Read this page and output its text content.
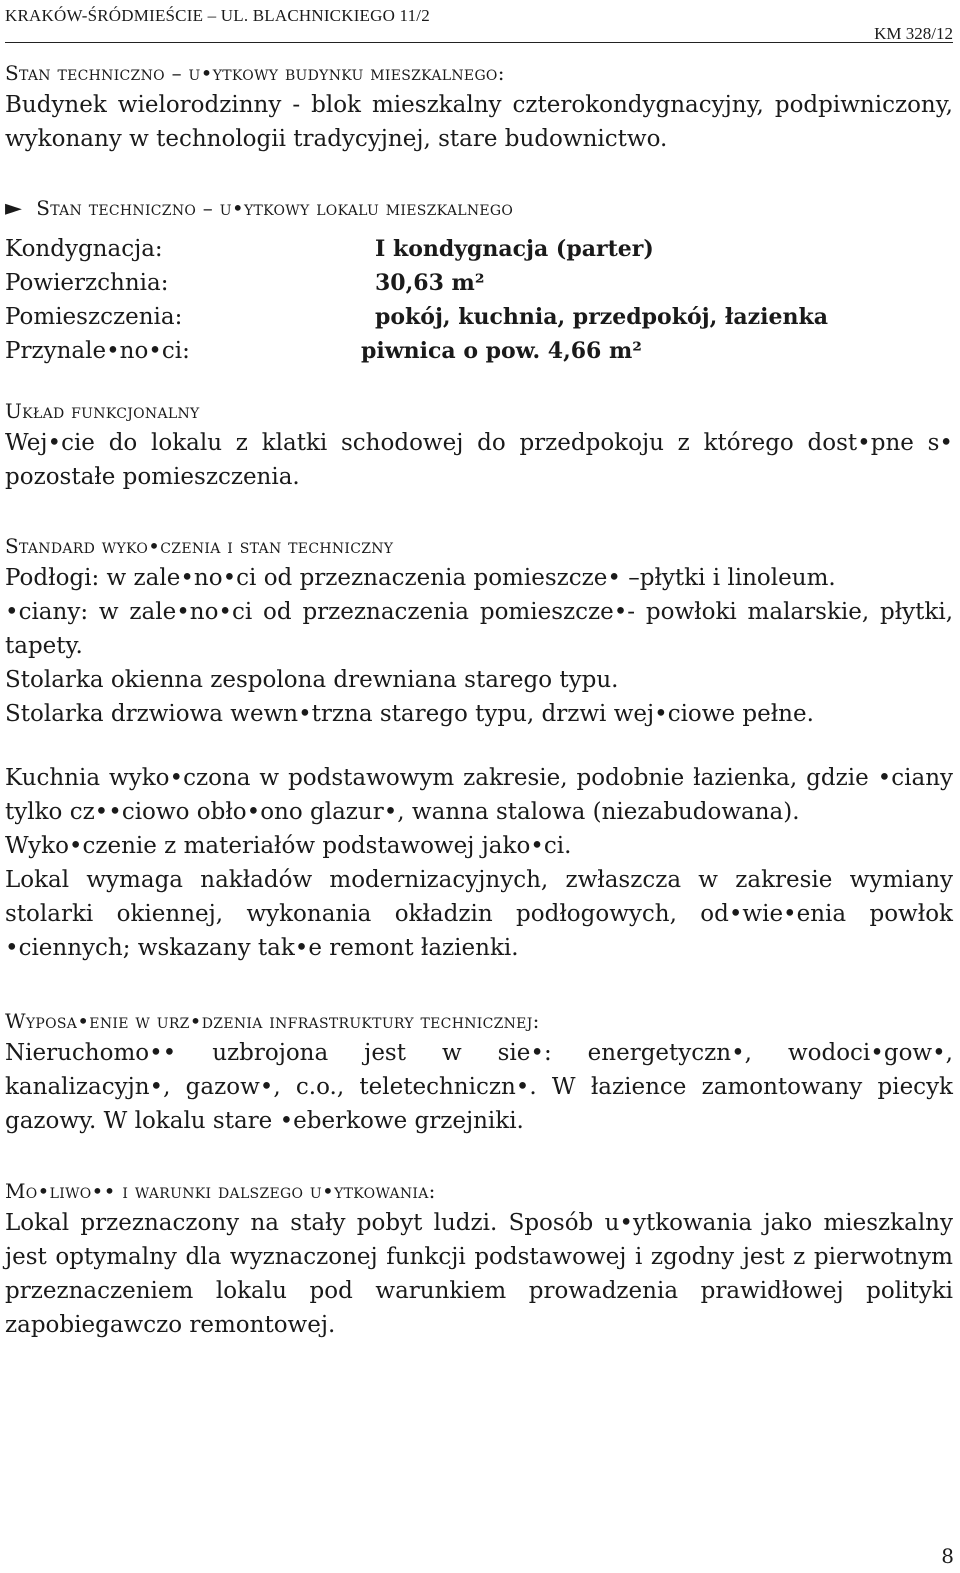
KRAKÓW-ŚRÓDMIEŚCIE – UL. BLACHNICKIEGO 11/2
KM 328/12
Stan techniczno – u•ytkowy budynku mieszkalnego:

Budynek wielorodzinny - blok mieszkalny czterokondygnacyjny, podpiwniczony, wykonany w technologii tradycyjnej, stare budownictwo.

► Stan techniczno – u•ytkowy lokalu mieszkalnego
Kondygnacja:	I kondygnacja (parter)
Powierzchnia:	30,63 m²
Pomieszczenia:	pokój, kuchnia, przedpokój, łazienka
Przynale•no•ci:	piwnica o pow. 4,66 m²
Układ funkcjonalny

Wej•cie do lokalu z klatki schodowej do przedpokoju z którego dost•pne s• pozostałe pomieszczenia.

Standard wyko•czenia i stan techniczny

Podłogi: w zale•no•ci od przeznaczenia pomieszcze• –płytki i linoleum.

•ciany: w zale•no•ci od przeznaczenia pomieszcze•- powłoki malarskie, płytki, tapety.

Stolarka okienna zespolona drewniana starego typu.

Stolarka drzwiowa wewn•trzna starego typu, drzwi wej•ciowe pełne.

Kuchnia wyko•czona w podstawowym zakresie, podobnie łazienka, gdzie •ciany tylko cz••ciowo obło•ono glazur•, wanna stalowa (niezabudowana).

Wyko•czenie z materiałów podstawowej jako•ci.

Lokal wymaga nakładów modernizacyjnych, zwłaszcza w zakresie wymiany stolarki okiennej, wykonania okładzin podłogowych, od•wie•enia powłok •ciennych; wskazany tak•e remont łazienki.

Wyposa•enie w urz•dzenia infrastruktury technicznej:

Nieruchomo•• uzbrojona jest w sie•: energetyczn•, wodoci•gow•, kanalizacyjn•, gazow•, c.o., teletechniczn•. W łazience zamontowany piecyk gazowy. W lokalu stare •eberkowe grzejniki.

Mo•liwo•• i warunki dalszego u•ytkowania:

Lokal przeznaczony na stały pobyt ludzi. Sposób u•ytkowania jako mieszkalny jest optymalny dla wyznaczonej funkcji podstawowej i zgodny jest z pierwotnym przeznaczeniem lokalu pod warunkiem prowadzenia prawidłowej polityki zapobiegawczo remontowej.

8
